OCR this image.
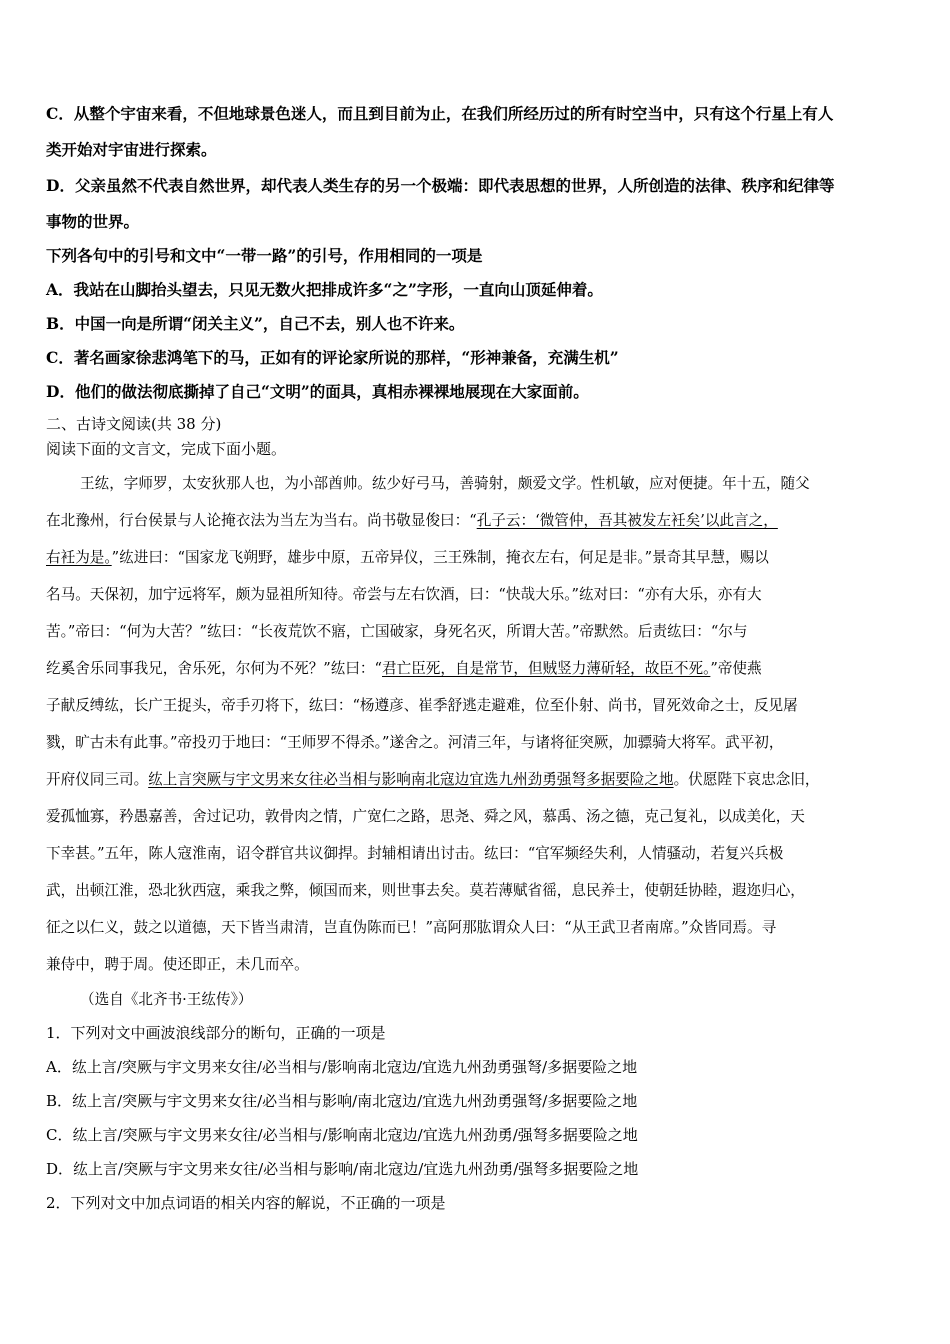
C．从整个宇宙来看，不但地球景色迷人，而且到目前为止，在我们所经历过的所有时空当中，只有这个行星上有人
类开始对宇宙进行探索。
D．父亲虽然不代表自然世界，却代表人类生存的另一个极端：即代表思想的世界，人所创造的法律、秩序和纪律等
事物的世界。
下列各句中的引号和文中“一带一路”的引号，作用相同的一项是
A．我站在山脚抬头望去，只见无数火把排成许多“之”字形，一直向山顶延伸着。
B．中国一向是所谓“闭关主义”，自己不去，别人也不许来。
C．著名画家徐悲鸿笔下的马，正如有的评论家所说的那样，“形神兼备，充满生机”
D．他们的做法彻底撕掉了自己“文明”的面具，真相赤裸裸地展现在大家面前。
二、古诗文阅读(共 38 分)
阅读下面的文言文，完成下面小题。
王纮，字师罗，太安狄那人也，为小部酋帅。纮少好弓马，善骑射，颇爱文学。性机敏，应对便捷。年十五，随父
在北豫州，行台侯景与人论掩衣法为当左为当右。尚书敬显俊曰：“孔子云：‘微管仲，吾其被发左衽矣’以此言之，
右衽为是。”纮进曰：“国家龙飞朔野，雄步中原，五帝异仪，三王殊制，掩衣左右，何足是非。”景奇其早慧，赐以
名马。天保初，加宁远将军，颇为显祖所知待。帝尝与左右饮酒，曰：“快哉大乐。”纮对曰：“亦有大乐，亦有大
苦。”帝曰：“何为大苦？”纮曰：“长夜荒饮不寤，亡国破家，身死名灭，所谓大苦。”帝默然。后责纮曰：“尔与
纥奚舍乐同事我兄，舍乐死，尔何为不死？”纮曰：“君亡臣死，自是常节，但贼竖力薄斫轻，故臣不死。”帝使燕
子献反缚纮，长广王捉头，帝手刃将下，纮曰：“杨遵彦、崔季舒逃走避难，位至仆射、尚书，冒死效命之士，反见屠
戮，旷古未有此事。”帝投刃于地曰：“王师罗不得杀。”遂舍之。河清三年，与诸将征突厥，加骠骑大将军。武平初，
开府仪同三司。纮上言突厥与宇文男来女往必当相与影响南北寇边宜选九州劲勇强弩多据要险之地。伏愿陛下哀忠念旧，
爱孤恤寡，矜愚嘉善，舍过记功，敦骨肉之情，广宽仁之路，思尧、舜之风，慕禹、汤之德，克己复礼，以成美化，天
下幸甚。”五年，陈人寇淮南，诏令群官共议御捍。封辅相请出讨击。纮曰：“官军频经失利，人情骚动，若复兴兵极
武，出顿江淮，恐北狄西寇，乘我之弊，倾国而来，则世事去矣。莫若薄赋省徭，息民养士，使朝廷协睦，遐迩归心，
征之以仁义，鼓之以道德，天下皆当肃清，岂直伪陈而已！”高阿那肱谓众人曰：“从王武卫者南席。”众皆同焉。寻
兼侍中，聘于周。使还即正，未几而卒。
（选自《北齐书·王纮传》）
1．下列对文中画波浪线部分的断句，正确的一项是
A．纮上言/突厥与宇文男来女往/必当相与/影响南北寇边/宜选九州劲勇强弩/多据要险之地
B．纮上言/突厥与宇文男来女往/必当相与影响/南北寇边/宜选九州劲勇强弩/多据要险之地
C．纮上言/突厥与宇文男来女往/必当相与/影响南北寇边/宜选九州劲勇/强弩多据要险之地
D．纮上言/突厥与宇文男来女往/必当相与影响/南北寇边/宜选九州劲勇/强弩多据要险之地
2．下列对文中加点词语的相关内容的解说，不正确的一项是
